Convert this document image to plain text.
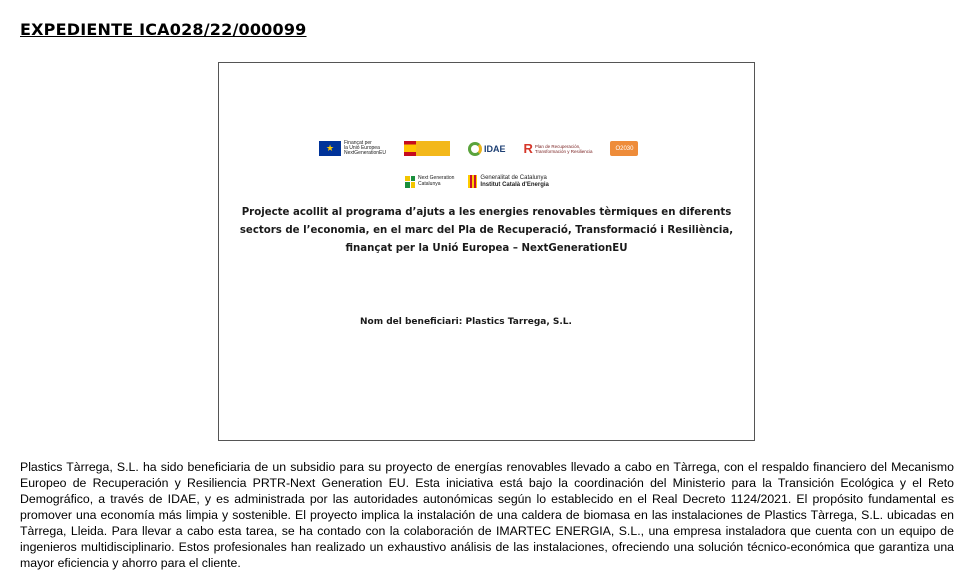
EXPEDIENTE ICA028/22/000099
★	Finançat per
la Unió Europea
NextGenerationEU	IDAE R Plan de Recuperación,
Transformación y Resiliencia	O2030
Next Generation
Catalunya
Generalitat de Catalunya
Institut Català d'Energia
Projecte acollit al programa d’ajuts a les energies renovables tèrmiques en diferents
sectors de l’economia, en el marc del Pla de Recuperació, Transformació i Resiliència,
finançat per la Unió Europea – NextGenerationEU
Nom del beneficiari: Plastics Tarrega, S.L.
Plastics Tàrrega, S.L. ha sido beneficiaria de un subsidio para su proyecto de energías renovables llevado a cabo en Tàrrega, con el respaldo financiero del Mecanismo Europeo de Recuperación y Resiliencia PRTR-Next Generation EU. Esta iniciativa está bajo la coordinación del Ministerio para la Transición Ecológica y el Reto Demográfico, a través de IDAE, y es administrada por las autoridades autonómicas según lo establecido en el Real Decreto 1124/2021. El propósito fundamental es promover una economía más limpia y sostenible. El proyecto implica la instalación de una caldera de biomasa en las instalaciones de Plastics Tàrrega, S.L. ubicadas en Tàrrega, Lleida. Para llevar a cabo esta tarea, se ha contado con la colaboración de IMARTEC ENERGIA, S.L., una empresa instaladora que cuenta con un equipo de ingenieros multidisciplinario. Estos profesionales han realizado un exhaustivo análisis de las instalaciones, ofreciendo una solución técnico-económica que garantiza una mayor eficiencia y ahorro para el cliente.
